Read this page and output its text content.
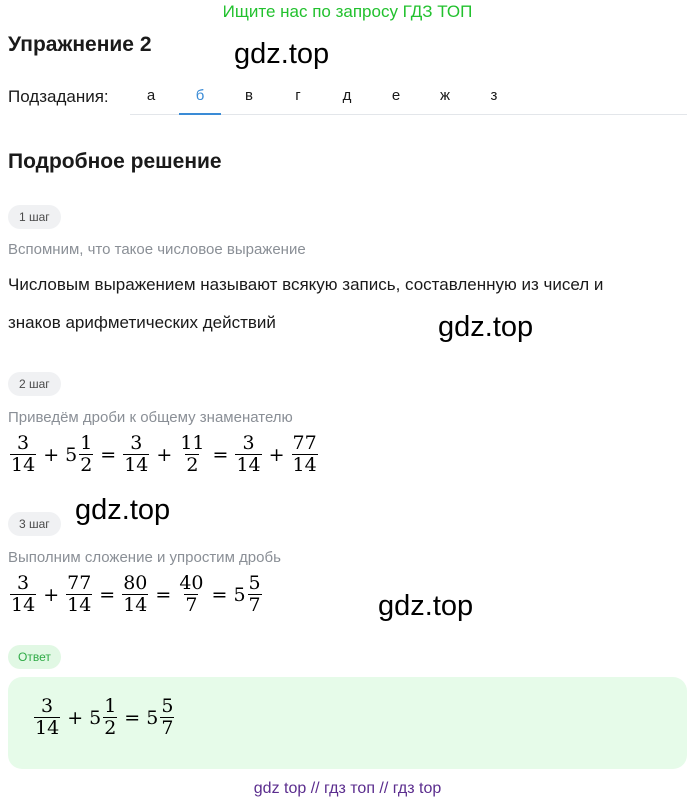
Ищите нас по запросу ГДЗ ТОП
Упражнение 2	gdz.top
Подзадания:	а	б	в	г	д	е	ж	з
Подробное решение
1 шаг
Вспомним, что такое числовое выражение
Числовым выражением называют всякую запись, составленную из чисел и
знаков арифметических действий	gdz.top
2 шаг
Приведём дроби к общему знаменателю
$\frac{3}{14} + 5 \frac{1}{2} = \frac{3}{14} + \frac{11}{2} = \frac{3}{14} + \frac{77}{14}$
gdz.top
3 шаг
Выполним сложение и упростим дробь
$\frac{3}{14} + \frac{77}{14} = \frac{80}{14} = \frac{40}{7} = 5 \frac{5}{7}$	gdz.top
Ответ
$\frac{3}{14} + 5 \frac{1}{2} = 5 \frac{5}{7}$
gdz top // гдз топ // гдз top
